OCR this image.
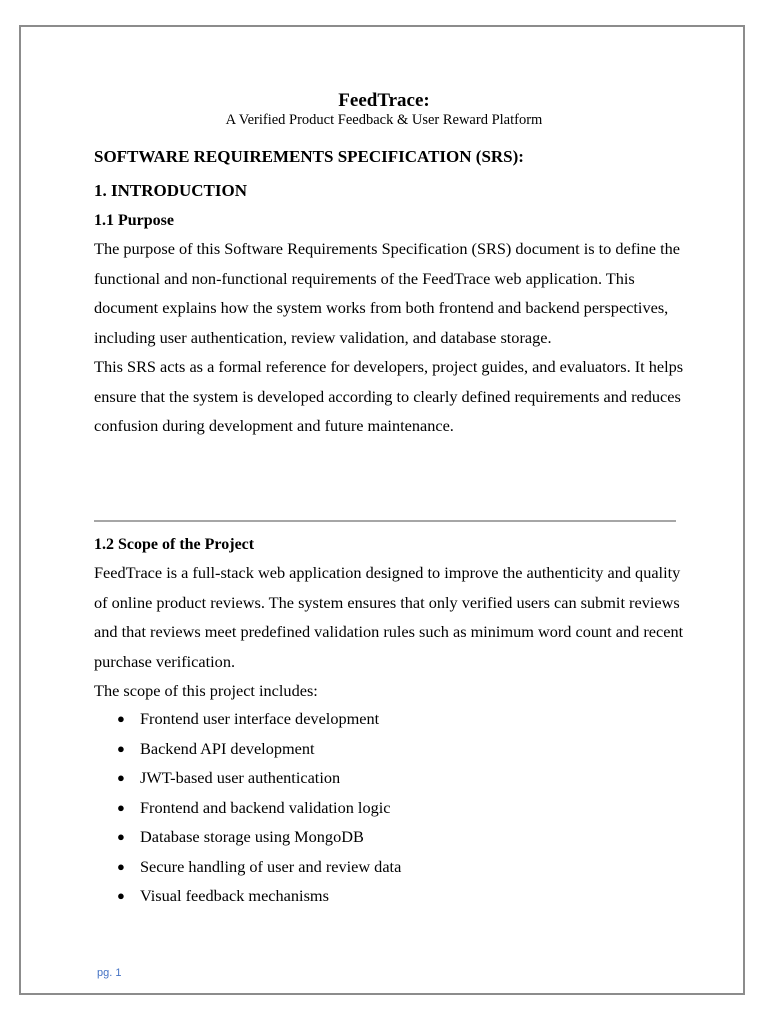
FeedTrace:
A Verified Product Feedback & User Reward Platform
SOFTWARE REQUIREMENTS SPECIFICATION (SRS):
1. INTRODUCTION
1.1 Purpose

The purpose of this Software Requirements Specification (SRS) document is to define the functional and non-functional requirements of the FeedTrace web application. This document explains how the system works from both frontend and backend perspectives, including user authentication, review validation, and database storage.

This SRS acts as a formal reference for developers, project guides, and evaluators. It helps ensure that the system is developed according to clearly defined requirements and reduces confusion during development and future maintenance.

1.2 Scope of the Project

FeedTrace is a full-stack web application designed to improve the authenticity and quality of online product reviews. The system ensures that only verified users can submit reviews and that reviews meet predefined validation rules such as minimum word count and recent purchase verification.

The scope of this project includes:

● Frontend user interface development
● Backend API development
● JWT-based user authentication
● Frontend and backend validation logic
● Database storage using MongoDB
● Secure handling of user and review data
● Visual feedback mechanisms
pg. 1
